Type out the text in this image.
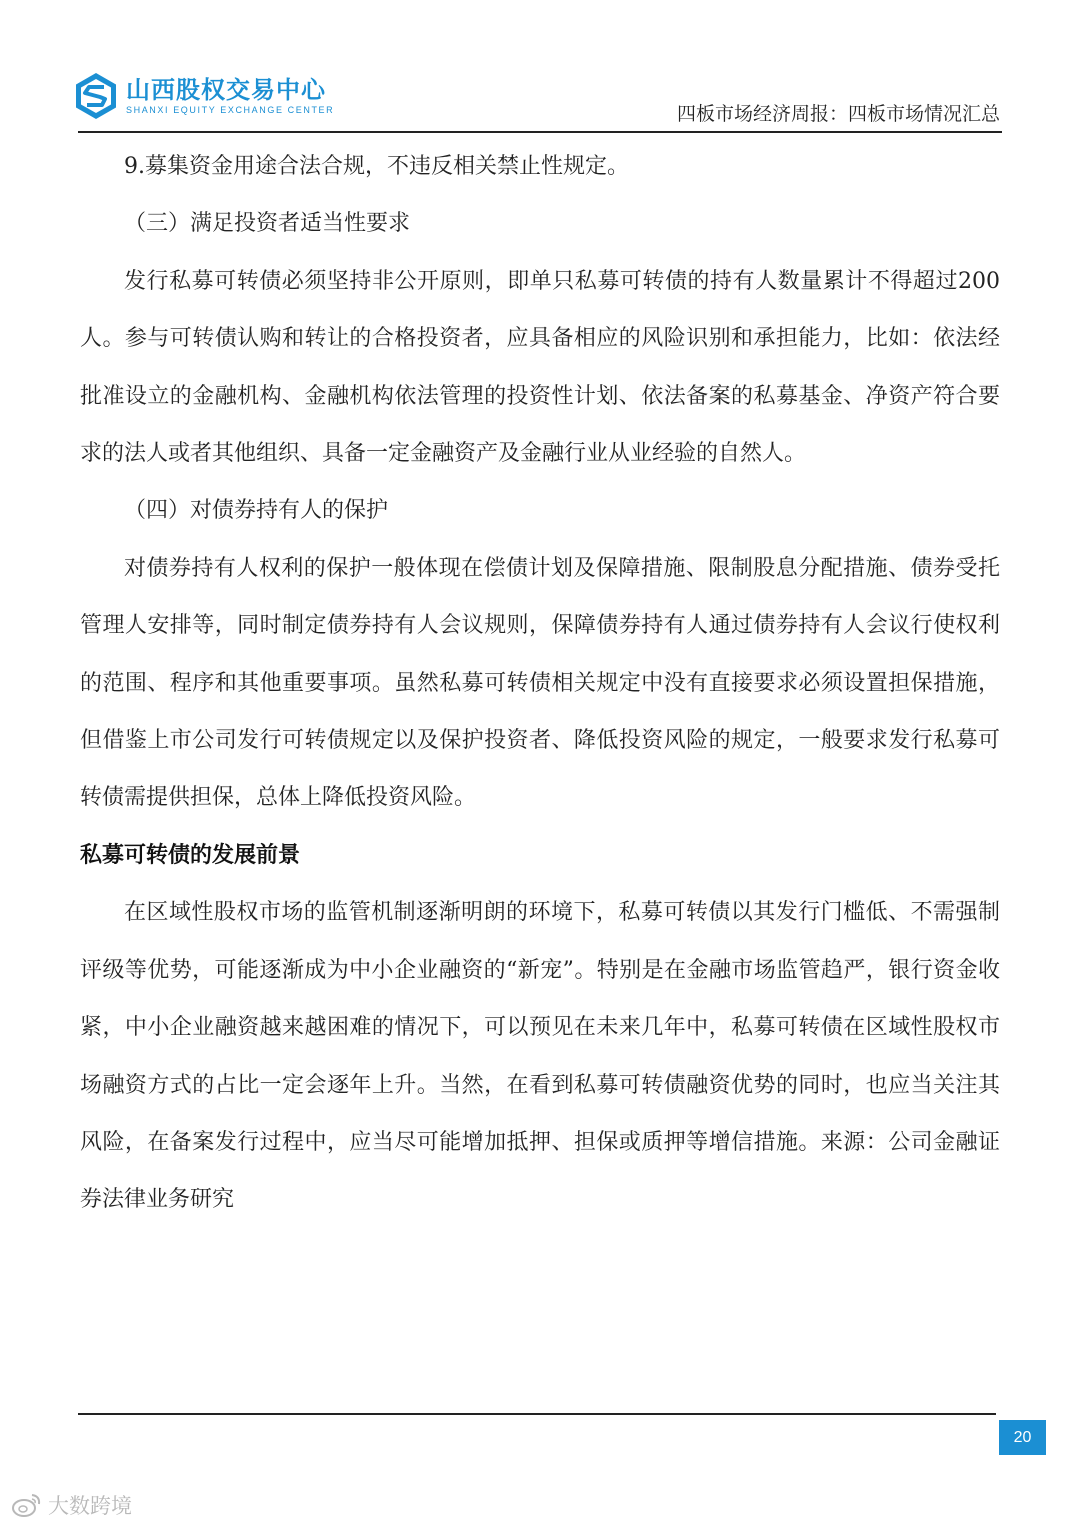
山西股权交易中心
SHANXI EQUITY EXCHANGE CENTER	四板市场经济周报：四板市场情况汇总

9.募集资金用途合法合规，不违反相关禁止性规定。

（三）满足投资者适当性要求

发行私募可转债必须坚持非公开原则，即单只私募可转债的持有人数量累计不得超过200人。参与可转债认购和转让的合格投资者，应具备相应的风险识别和承担能力，比如：依法经批准设立的金融机构、金融机构依法管理的投资性计划、依法备案的私募基金、净资产符合要求的法人或者其他组织、具备一定金融资产及金融行业从业经验的自然人。

（四）对债券持有人的保护

对债券持有人权利的保护一般体现在偿债计划及保障措施、限制股息分配措施、债券受托管理人安排等，同时制定债券持有人会议规则，保障债券持有人通过债券持有人会议行使权利的范围、程序和其他重要事项。虽然私募可转债相关规定中没有直接要求必须设置担保措施，但借鉴上市公司发行可转债规定以及保护投资者、降低投资风险的规定，一般要求发行私募可转债需提供担保，总体上降低投资风险。

私募可转债的发展前景

在区域性股权市场的监管机制逐渐明朗的环境下，私募可转债以其发行门槛低、不需强制评级等优势，可能逐渐成为中小企业融资的“新宠”。特别是在金融市场监管趋严，银行资金收紧，中小企业融资越来越困难的情况下，可以预见在未来几年中，私募可转债在区域性股权市场融资方式的占比一定会逐年上升。当然，在看到私募可转债融资优势的同时，也应当关注其风险，在备案发行过程中，应当尽可能增加抵押、担保或质押等增信措施。来源：公司金融证券法律业务研究

20
大数跨境
